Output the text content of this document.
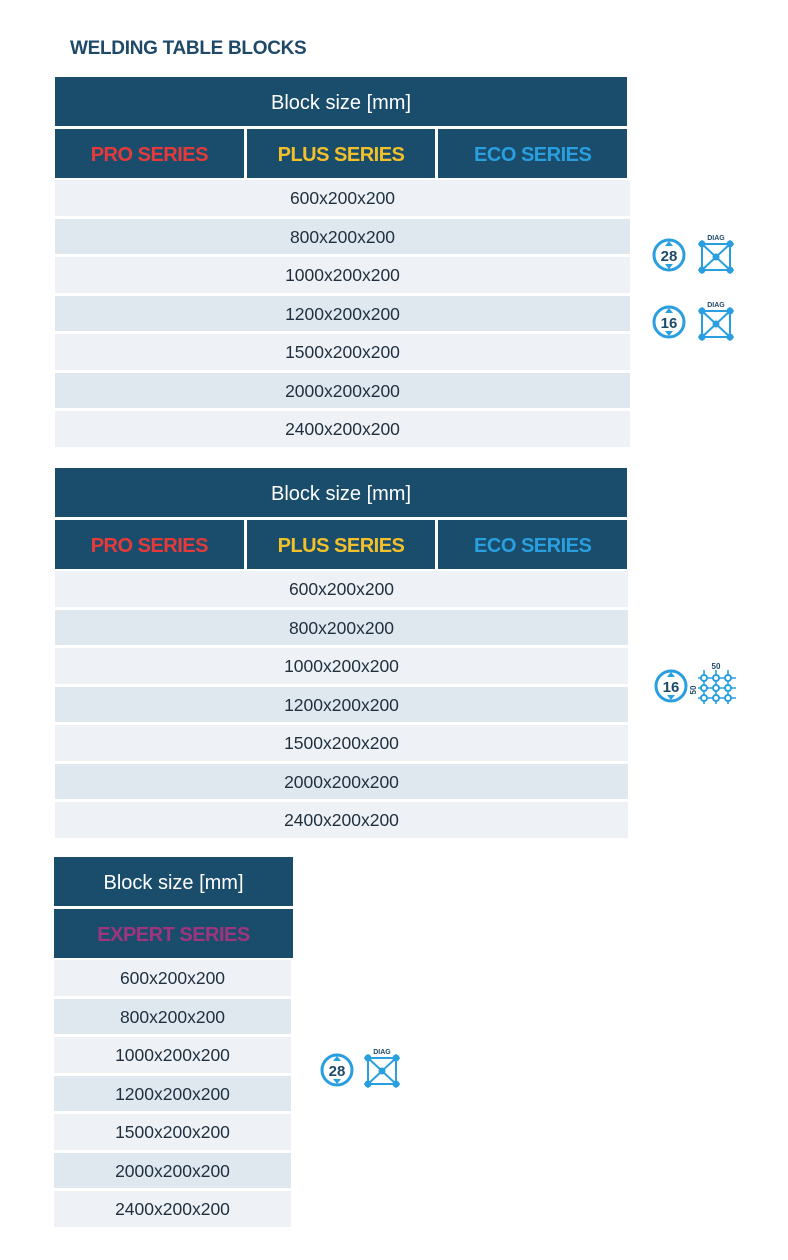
WELDING TABLE BLOCKS
Block size [mm]
PRO SERIES	PLUS SERIES	ECO SERIES
600x200x200
800x200x200
1000x200x200
1200x200x200
1500x200x200
2000x200x200
2400x200x200
28
DIAG
16
DIAG
Block size [mm]
PRO SERIES	PLUS SERIES	ECO SERIES
600x200x200
800x200x200
1000x200x200
1200x200x200
1500x200x200
2000x200x200
2400x200x200
16
50
50
Block size [mm]
EXPERT SERIES
600x200x200
800x200x200
1000x200x200
1200x200x200
1500x200x200
2000x200x200
2400x200x200
28
DIAG
